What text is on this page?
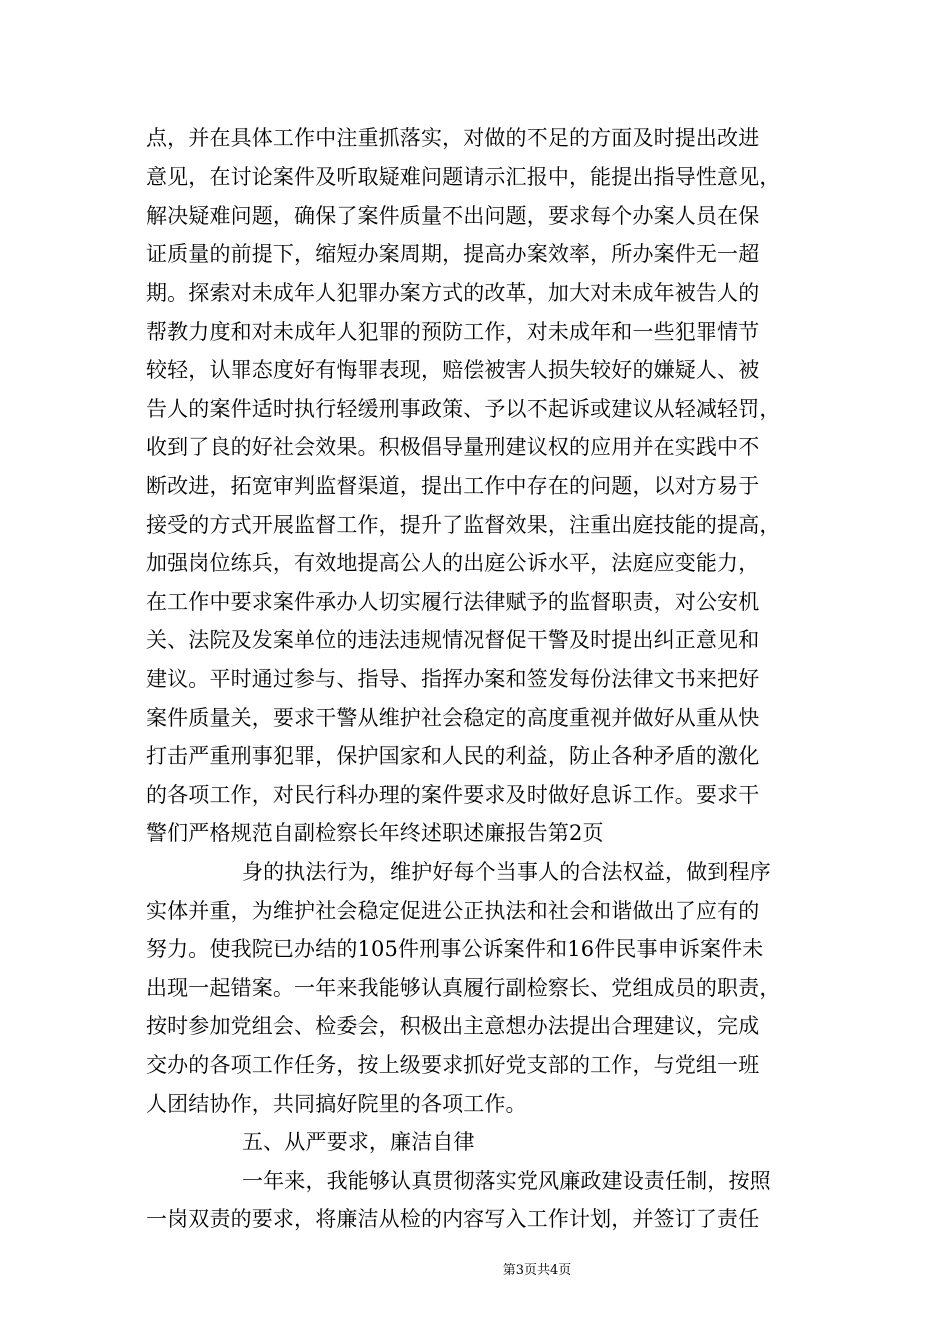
点，并在具体工作中注重抓落实，对做的不足的方面及时提出改进
意见，在讨论案件及听取疑难问题请示汇报中，能提出指导性意见，
解决疑难问题，确保了案件质量不出问题，要求每个办案人员在保
证质量的前提下，缩短办案周期，提高办案效率，所办案件无一超
期。探索对未成年人犯罪办案方式的改革，加大对未成年被告人的
帮教力度和对未成年人犯罪的预防工作，对未成年和一些犯罪情节
较轻，认罪态度好有悔罪表现，赔偿被害人损失较好的嫌疑人、被
告人的案件适时执行轻缓刑事政策、予以不起诉或建议从轻减轻罚，
收到了良的好社会效果。积极倡导量刑建议权的应用并在实践中不
断改进，拓宽审判监督渠道，提出工作中存在的问题，以对方易于
接受的方式开展监督工作，提升了监督效果，注重出庭技能的提高，
加强岗位练兵，有效地提高公人的出庭公诉水平，法庭应变能力，
在工作中要求案件承办人切实履行法律赋予的监督职责，对公安机
关、法院及发案单位的违法违规情况督促干警及时提出纠正意见和
建议。平时通过参与、指导、指挥办案和签发每份法律文书来把好
案件质量关，要求干警从维护社会稳定的高度重视并做好从重从快
打击严重刑事犯罪，保护国家和人民的利益，防止各种矛盾的激化
的各项工作，对民行科办理的案件要求及时做好息诉工作。要求干
警们严格规范自副检察长年终述职述廉报告第2页
身的执法行为，维护好每个当事人的合法权益，做到程序
实体并重，为维护社会稳定促进公正执法和社会和谐做出了应有的
努力。使我院已办结的105件刑事公诉案件和16件民事申诉案件未
出现一起错案。一年来我能够认真履行副检察长、党组成员的职责，
按时参加党组会、检委会，积极出主意想办法提出合理建议，完成
交办的各项工作任务，按上级要求抓好党支部的工作，与党组一班
人团结协作，共同搞好院里的各项工作。
五、从严要求，廉洁自律
一年来，我能够认真贯彻落实党风廉政建设责任制，按照
一岗双责的要求，将廉洁从检的内容写入工作计划，并签订了责任
第3页共4页
